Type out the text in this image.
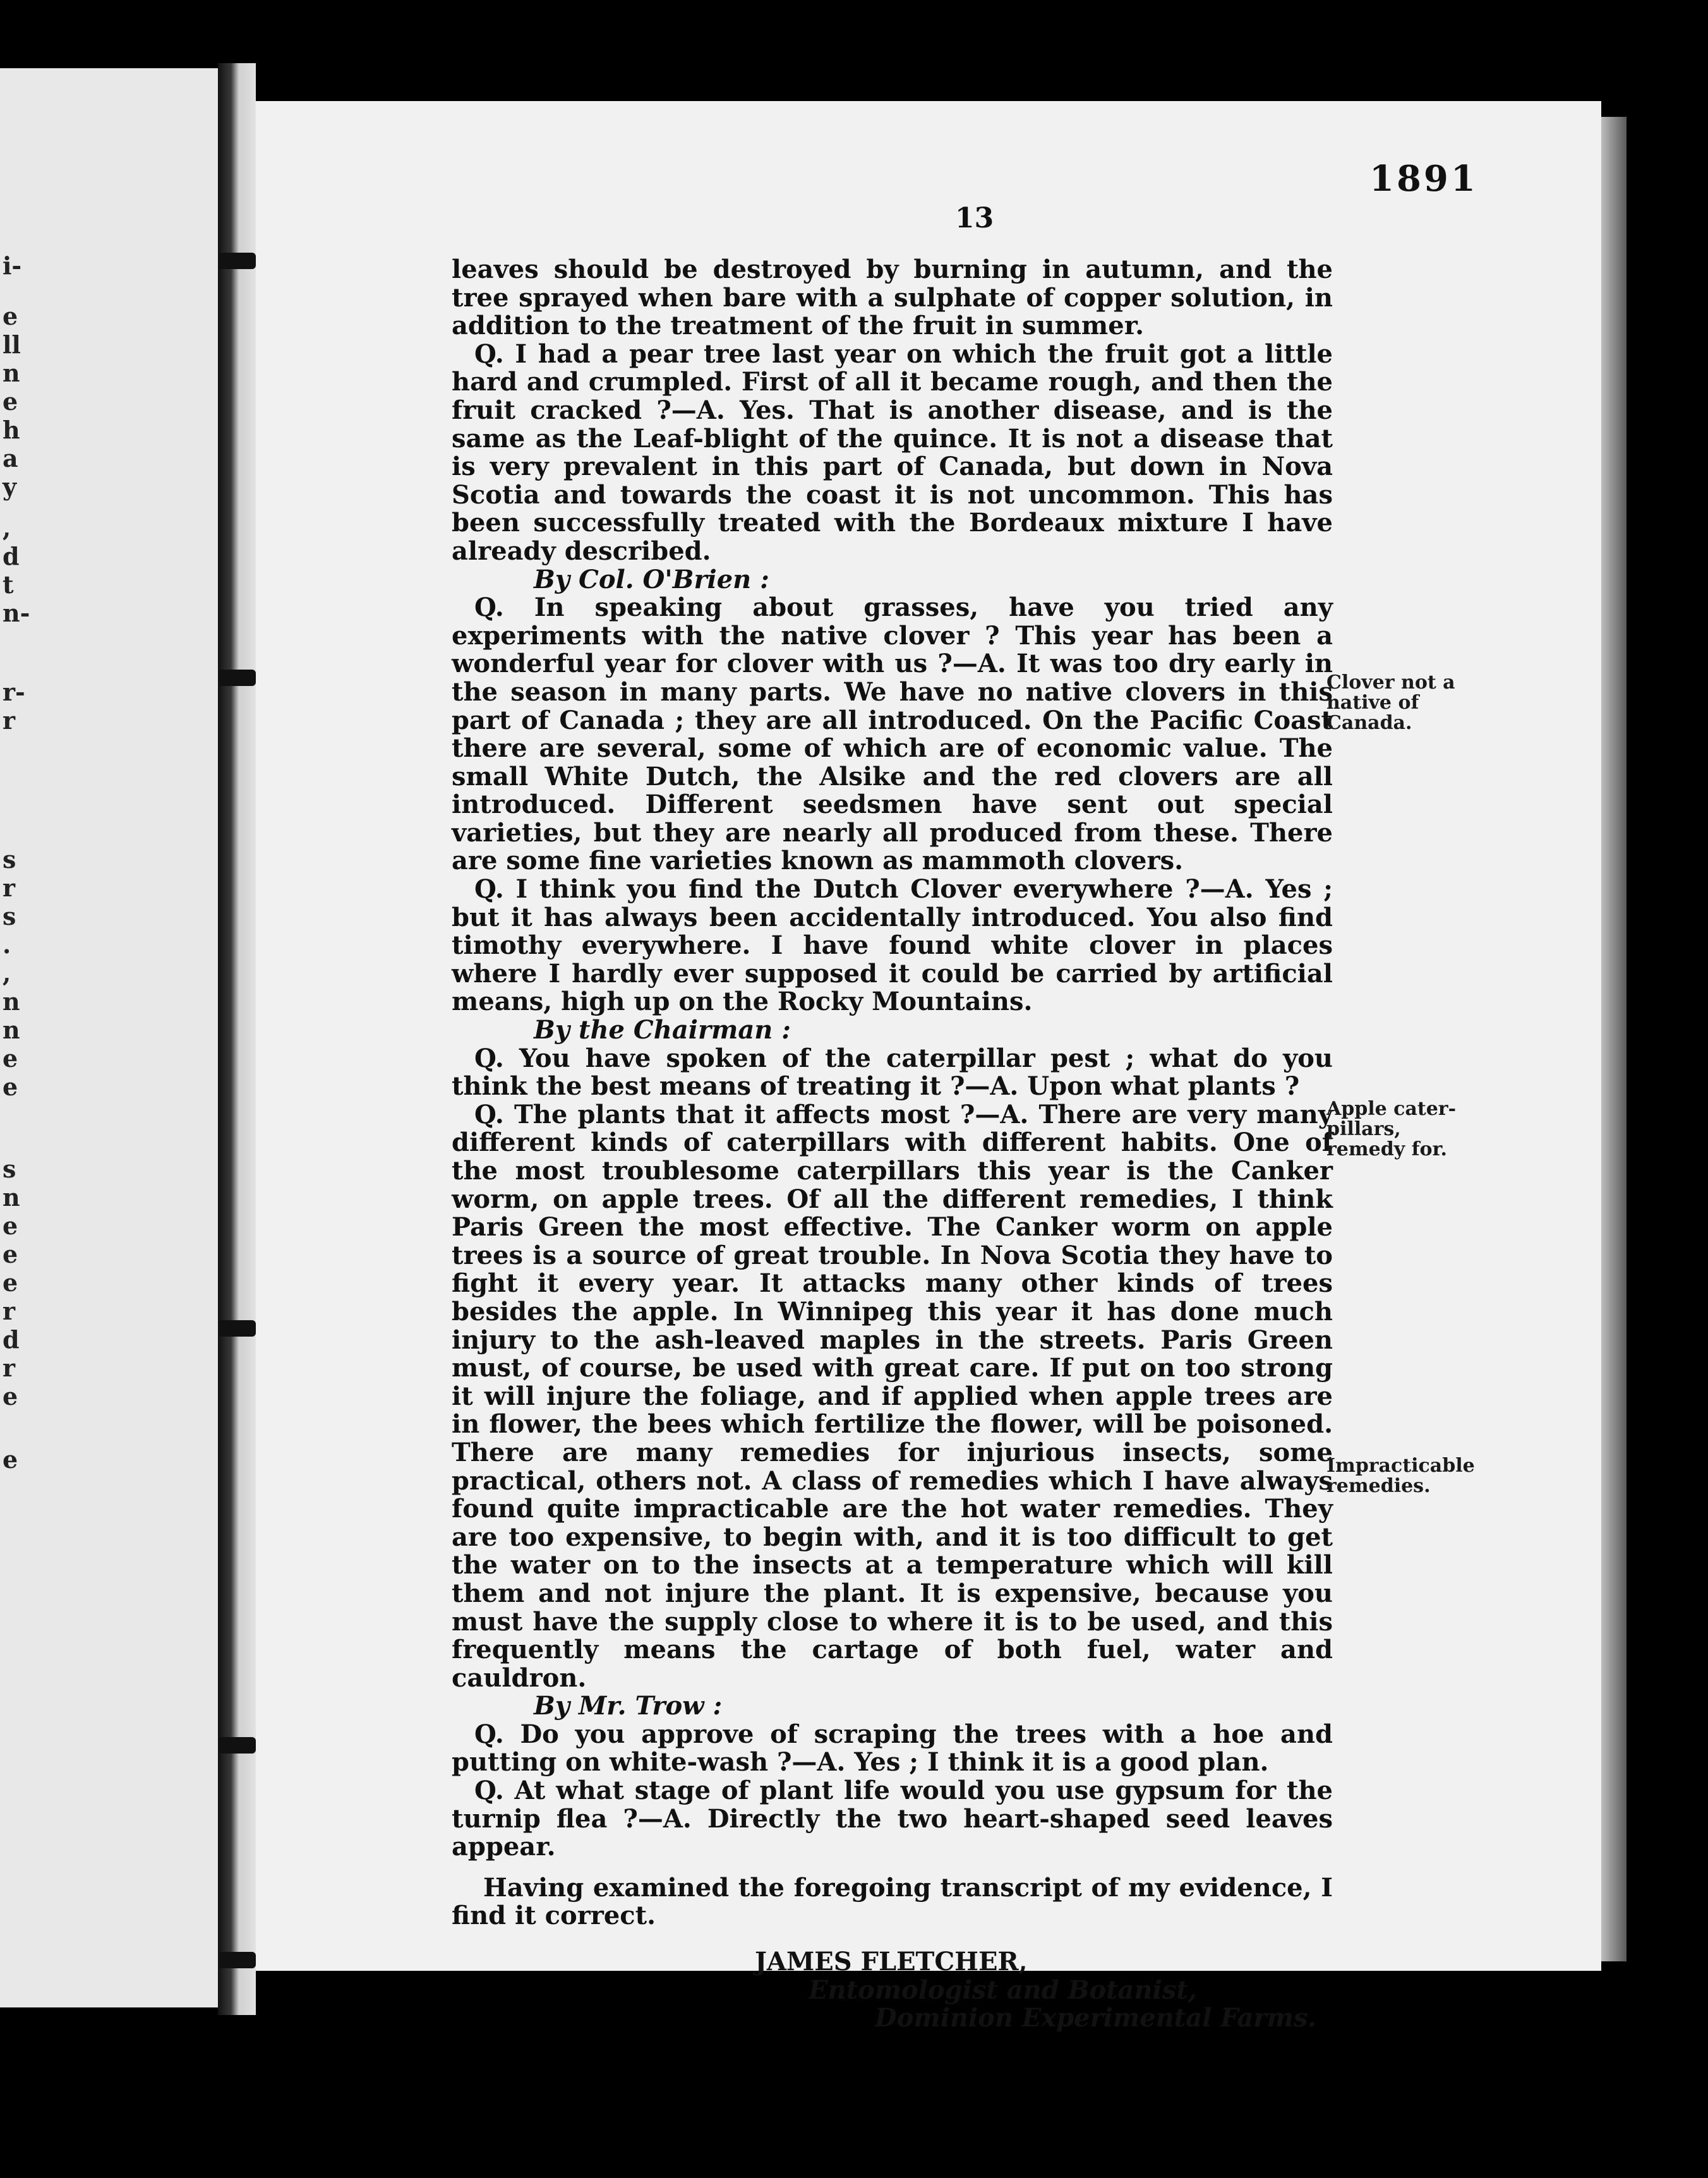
i-
e
ll
n
e
h
a
y
,
d
t
n-
r-
r
s
r
s
.
,
n
n
e
e
s
n
e
e
e
r
d
r
e
e
1891
13

leaves should be destroyed by burning in autumn, and the tree sprayed when bare with a sulphate of copper solution, in addition to the treatment of the fruit in summer.

Q. I had a pear tree last year on which the fruit got a little hard and crumpled. First of all it became rough, and then the fruit cracked ?—A. Yes. That is another disease, and is the same as the Leaf-blight of the quince. It is not a disease that is very prevalent in this part of Canada, but down in Nova Scotia and towards the coast it is not uncommon. This has been successfully treated with the Bordeaux mixture I have already described.

By Col. O'Brien :

Q. In speaking about grasses, have you tried any experiments with the native clover ? This year has been a wonderful year for clover with us ?—A. It was too dry early in the season in many parts. We have no native clovers in this part of Canada ; they are all introduced. On the Pacific Coast there are several, some of which are of economic value. The small White Dutch, the Alsike and the red clovers are all introduced. Different seedsmen have sent out special varieties, but they are nearly all produced from these. There are some fine varieties known as mammoth clovers.

Q. I think you find the Dutch Clover everywhere ?—A. Yes ; but it has always been accidentally introduced. You also find timothy everywhere. I have found white clover in places where I hardly ever supposed it could be carried by artificial means, high up on the Rocky Mountains.

By the Chairman :

Q. You have spoken of the caterpillar pest ; what do you think the best means of treating it ?—A. Upon what plants ?

Q. The plants that it affects most ?—A. There are very many different kinds of caterpillars with different habits. One of the most troublesome caterpillars this year is the Canker worm, on apple trees. Of all the different remedies, I think Paris Green the most effective. The Canker worm on apple trees is a source of great trouble. In Nova Scotia they have to fight it every year. It attacks many other kinds of trees besides the apple. In Winnipeg this year it has done much injury to the ash-leaved maples in the streets. Paris Green must, of course, be used with great care. If put on too strong it will injure the foliage, and if applied when apple trees are in flower, the bees which fertilize the flower, will be poisoned. There are many remedies for injurious insects, some practical, others not. A class of remedies which I have always found quite impracticable are the hot water remedies. They are too expensive, to begin with, and it is too difficult to get the water on to the insects at a temperature which will kill them and not injure the plant. It is expensive, because you must have the supply close to where it is to be used, and this frequently means the cartage of both fuel, water and cauldron.

By Mr. Trow :

Q. Do you approve of scraping the trees with a hoe and putting on white-wash ?—A. Yes ; I think it is a good plan.

Q. At what stage of plant life would you use gypsum for the turnip flea ?—A. Directly the two heart-shaped seed leaves appear.

Having examined the foregoing transcript of my evidence, I find it correct.

JAMES FLETCHER,
Entomologist and Botanist,
Dominion Experimental Farms.
Clover not a
native of
Canada.
Apple cater-
pillars,
remedy for.
Impracticable
remedies.
